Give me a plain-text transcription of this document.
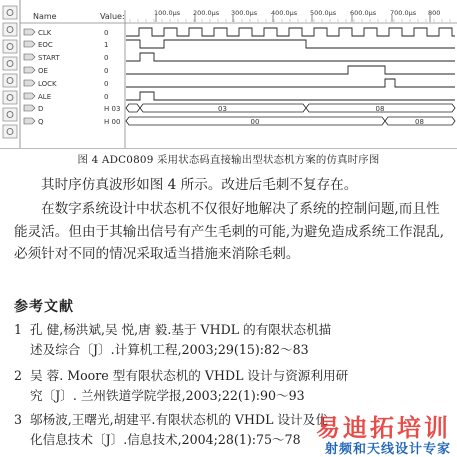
Name	Value:	100.0μs 200.0μs 300.0μs 400.0μs 500.0μs 600.0μs 700.0μs 800
CLK	0
EOC	1
START	0
OE	0
LOCK	0
ALE	0
D	H 03
Q	H 00
03	08
00	08
图 4 ADC0809 采用状态码直接输出型状态机方案的仿真时序图
其时序仿真波形如图 4 所示。改进后毛刺不复存在。
在数字系统设计中状态机不仅很好地解决了系统的控制问题,而且性能灵活。但由于其输出信号有产生毛刺的可能,为避免造成系统工作混乱,必须针对不同的情况采取适当措施来消除毛刺。
参考文献
1 孔 健,杨洪斌,吴 悦,唐 毅.基于 VHDL 的有限状态机描
述及综合〔J〕.计算机工程,2003;29(15):82～83
2 吴 蓉. Moore 型有限状态机的 VHDL 设计与资源利用研
究〔J〕. 兰州铁道学院学报,2003;22(1):90～93
3 邬杨波,王曙光,胡建平.有限状态机的 VHDL 设计及优
化信息技术〔J〕.信息技术,2004;28(1):75～78 易迪拓培训
射频和天线设计专家
